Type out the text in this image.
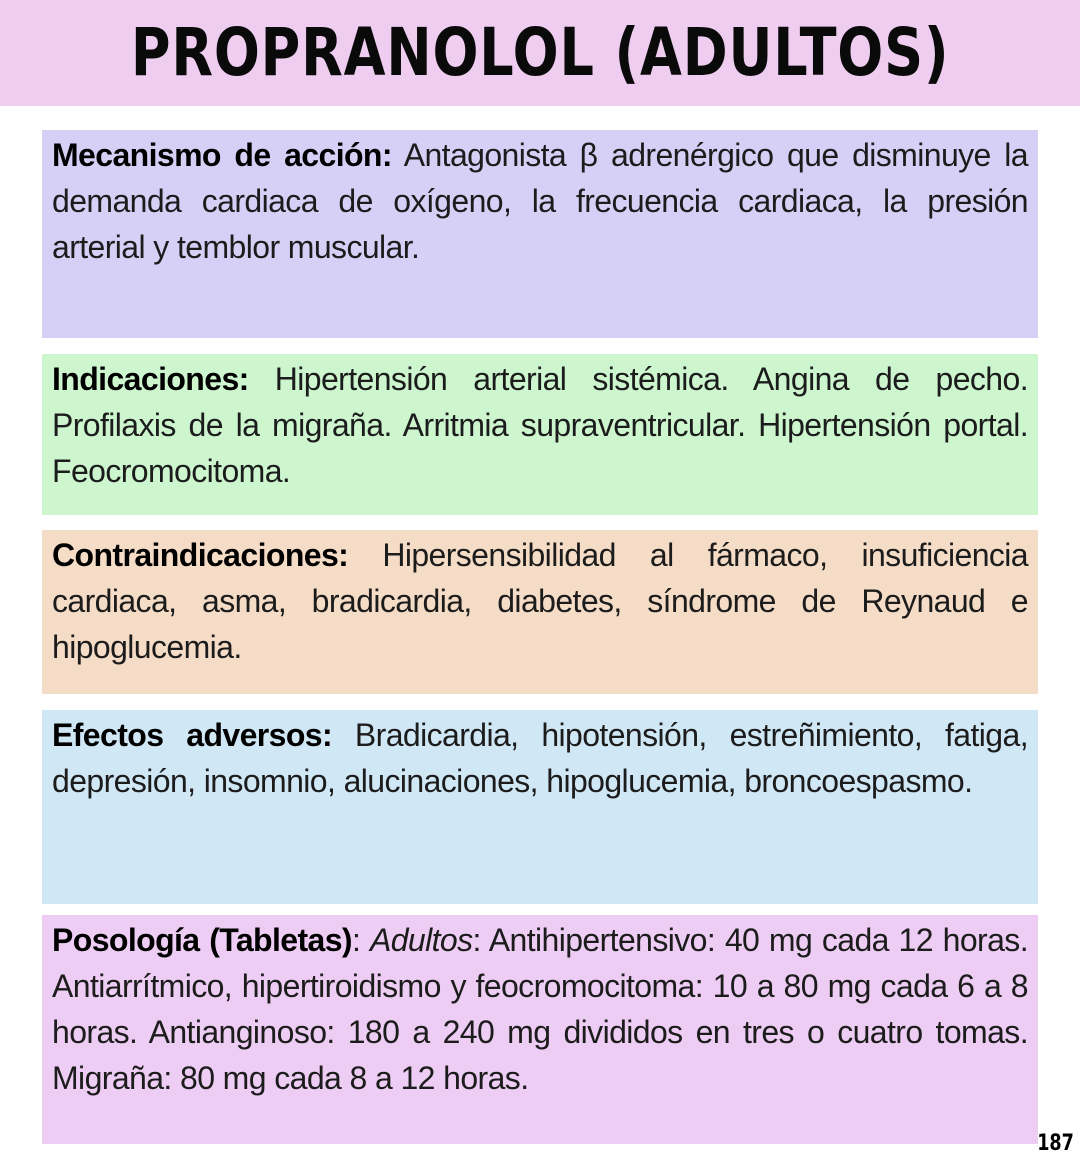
PROPRANOLOL (ADULTOS)
Mecanismo de acción: Antagonista β adrenérgico que disminuye la demanda cardiaca de oxígeno, la frecuencia cardiaca, la presión arterial y temblor muscular.
Indicaciones: Hipertensión arterial sistémica. Angina de pecho. Profilaxis de la migraña. Arritmia supraventricular. Hipertensión portal. Feocromocitoma.
Contraindicaciones: Hipersensibilidad al fármaco, insuficiencia cardiaca, asma, bradicardia, diabetes, síndrome de Reynaud e hipoglucemia.
Efectos adversos: Bradicardia, hipotensión, estreñimiento, fatiga, depresión, insomnio, alucinaciones, hipoglucemia, broncoespasmo.
Posología (Tabletas): Adultos: Antihipertensivo: 40 mg cada 12 horas. Antiarrítmico, hipertiroidismo y feocromocitoma: 10 a 80 mg cada 6 a 8 horas. Antianginoso: 180 a 240 mg divididos en tres o cuatro tomas. Migraña: 80 mg cada 8 a 12 horas.
187
